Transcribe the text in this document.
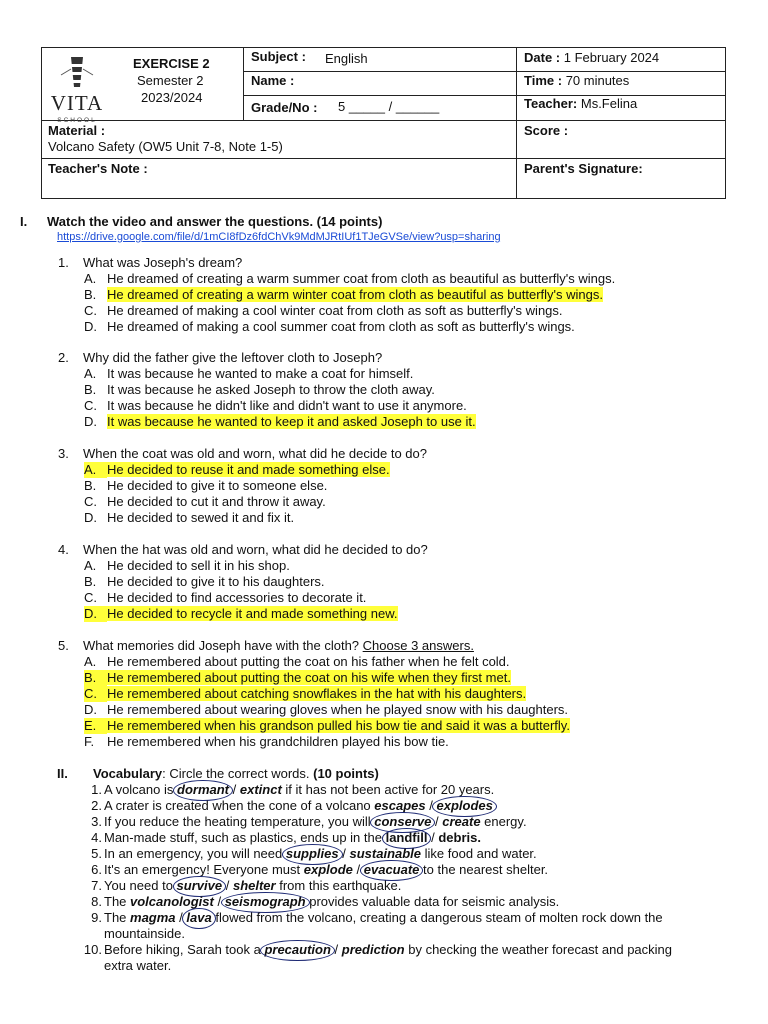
VITA
SCHOOL
EXERCISE 2
Semester 2
2023/2024
Subject : English
Name :
Grade/No : 5 _____ / ______
Date : 1 February 2024
Time : 70 minutes
Teacher: Ms.Felina
Material :
Volcano Safety (OW5 Unit 7-8, Note 1-5)
Score :
Teacher's Note :	Parent's Signature:
I. Watch the video and answer the questions. (14 points)
https://drive.google.com/file/d/1mCI8fDz6fdChVk9MdMJRtIUf1TJeGVSe/view?usp=sharing
1. What was Joseph's dream?
A. He dreamed of creating a warm summer coat from cloth as beautiful as butterfly's wings.
B. He dreamed of creating a warm winter coat from cloth as beautiful as butterfly's wings.
C. He dreamed of making a cool winter coat from cloth as soft as butterfly's wings.
D. He dreamed of making a cool summer coat from cloth as soft as butterfly's wings.
2. Why did the father give the leftover cloth to Joseph?
A. It was because he wanted to make a coat for himself.
B. It was because he asked Joseph to throw the cloth away.
C. It was because he didn't like and didn't want to use it anymore.
D. It was because he wanted to keep it and asked Joseph to use it.
3. When the coat was old and worn, what did he decide to do?
A. He decided to reuse it and made something else.
B. He decided to give it to someone else.
C. He decided to cut it and throw it away.
D. He decided to sewed it and fix it.
4. When the hat was old and worn, what did he decided to do?
A. He decided to sell it in his shop.
B. He decided to give it to his daughters.
C. He decided to find accessories to decorate it.
D. He decided to recycle it and made something new.
5. What memories did Joseph have with the cloth? Choose 3 answers.
A. He remembered about putting the coat on his father when he felt cold.
B. He remembered about putting the coat on his wife when they first met.
C. He remembered about catching snowflakes in the hat with his daughters.
D. He remembered about wearing gloves when he played snow with his daughters.
E. He remembered when his grandson pulled his bow tie and said it was a butterfly.
F. He remembered when his grandchildren played his bow tie.
II. Vocabulary: Circle the correct words. (10 points)
1. A volcano is dormant / extinct if it has not been active for 20 years.
2. A crater is created when the cone of a volcano escapes / explodes
3. If you reduce the heating temperature, you will conserve / create energy.
4. Man-made stuff, such as plastics, ends up in the landfill / debris.
5. In an emergency, you will need supplies / sustainable like food and water.
6. It's an emergency! Everyone must explode / evacuate to the nearest shelter.
7. You need to survive / shelter from this earthquake.
8. The volcanologist / seismograph provides valuable data for seismic analysis.
9. The magma / lava flowed from the volcano, creating a dangerous steam of molten rock down the
mountainside.
10. Before hiking, Sarah took a precaution / prediction by checking the weather forecast and packing
extra water.
